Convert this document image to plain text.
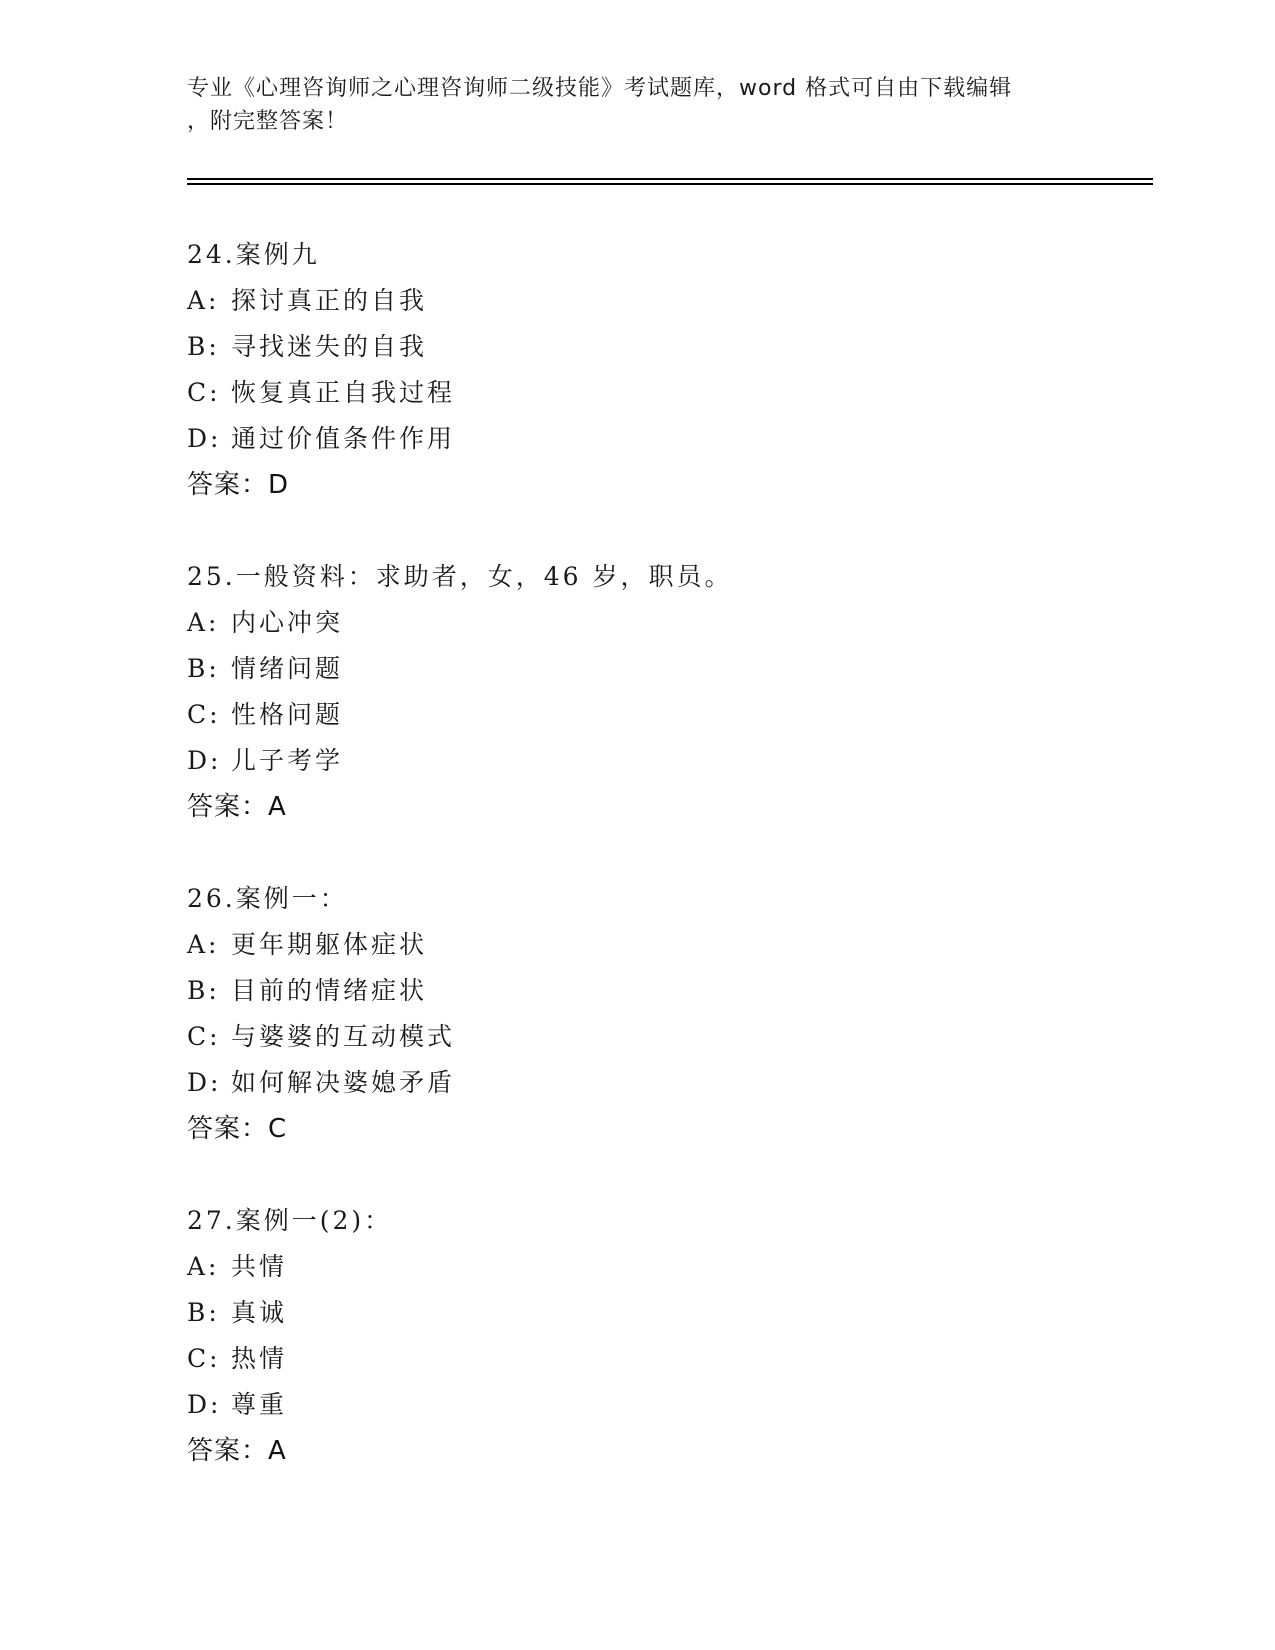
专业《心理咨询师之心理咨询师二级技能》考试题库，word 格式可自由下载编辑
，附完整答案！
24.案例九
A: 探讨真正的自我
B: 寻找迷失的自我
C: 恢复真正自我过程
D: 通过价值条件作用
答案：D
25.一般资料：求助者，女，46 岁，职员。
A: 内心冲突
B: 情绪问题
C: 性格问题
D: 儿子考学
答案：A
26.案例一：
A: 更年期躯体症状
B: 目前的情绪症状
C: 与婆婆的互动模式
D: 如何解决婆媳矛盾
答案：C
27.案例一(2)：
A: 共情
B: 真诚
C: 热情
D: 尊重
答案：A
